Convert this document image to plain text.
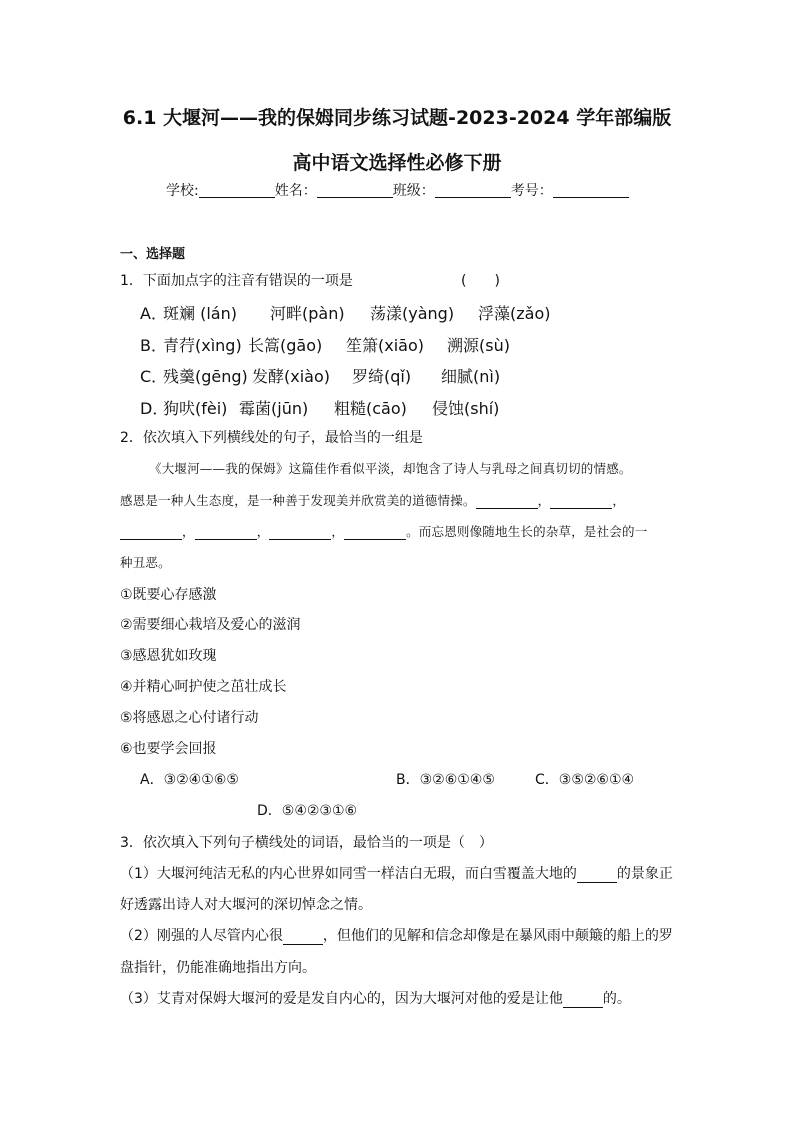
6.1 大堰河——我的保姆同步练习试题-2023-2024 学年部编版
高中语文选择性必修下册
学校:	姓名：	班级：	考号：
一、选择题
1．下面加点字的注音有错误的一项是	(　　)
A．
斑斓 (lán) 河畔(pàn) 荡漾(yàng) 浮藻(zǎo)
B．
青荇(xìng) 长篙(gāo) 笙箫(xiāo) 溯源(sù)
C．
残羹(gēng) 发酵(xiào) 罗绮(qǐ) 细腻(nì)
D．
狗吠(fèi) 霉菌(jūn) 粗糙(cāo) 侵蚀(shí)
2．依次填入下列横线处的句子，最恰当的一组是
《大堰河——我的保姆》这篇佳作看似平淡，却饱含了诗人与乳母之间真切切的情感。
感恩是一种人生态度，是一种善于发现美并欣赏美的道德情操。	，	，
，	，	，	。而忘恩则像随地生长的杂草，是社会的一
种丑恶。
①既要心存感激
②需要细心栽培及爱心的滋润
③感恩犹如玫瑰
④并精心呵护使之茁壮成长
⑤将感恩之心付诸行动
⑥也要学会回报
A．③②④①⑥⑤	B．③②⑥①④⑤	C．③⑤②⑥①④
D．⑤④②③①⑥
3．依次填入下列句子横线处的词语，最恰当的一项是（　）
（1）大堰河纯洁无私的内心世界如同雪一样洁白无瑕，而白雪覆盖大地的	的景象正
好透露出诗人对大堰河的深切悼念之情。
（2）刚强的人尽管内心很	，但他们的见解和信念却像是在暴风雨中颠簸的船上的罗
盘指针，仍能准确地指出方向。
（3）艾青对保姆大堰河的爱是发自内心的，因为大堰河对他的爱是让他	的。
